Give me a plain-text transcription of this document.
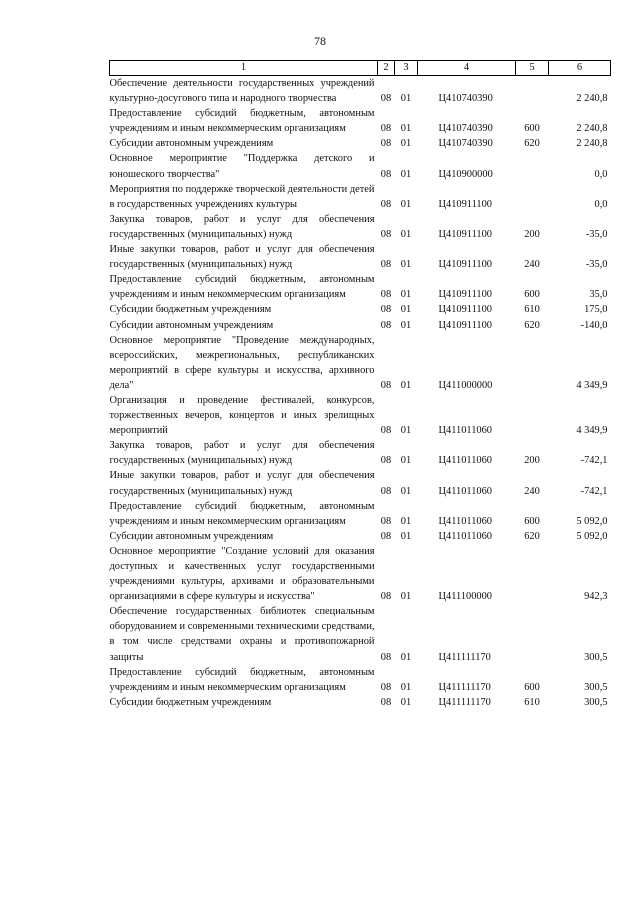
78
1	2	3	4	5	6
Обеспечение деятельности государственных учреждений культурно-досугового типа и народного творчества	08	01	Ц410740390		2 240,8
Предоставление субсидий бюджетным, автономным учреждениям и иным некоммерческим организациям	08	01	Ц410740390	600	2 240,8
Субсидии автономным учреждениям	08	01	Ц410740390	620	2 240,8
Основное мероприятие "Поддержка детского и юношеского творчества"	08	01	Ц410900000		0,0
Мероприятия по поддержке творческой деятельности детей в государственных учреждениях культуры	08	01	Ц410911100		0,0
Закупка товаров, работ и услуг для обеспечения государственных (муниципальных) нужд	08	01	Ц410911100	200	-35,0
Иные закупки товаров, работ и услуг для обеспечения государственных (муниципальных) нужд	08	01	Ц410911100	240	-35,0
Предоставление субсидий бюджетным, автономным учреждениям и иным некоммерческим организациям	08	01	Ц410911100	600	35,0
Субсидии бюджетным учреждениям	08	01	Ц410911100	610	175,0
Субсидии автономным учреждениям	08	01	Ц410911100	620	-140,0
Основное мероприятие "Проведение международных, всероссийских, межрегиональных, республиканских мероприятий в сфере культуры и искусства, архивного дела"	08	01	Ц411000000		4 349,9
Организация и проведение фестивалей, конкурсов, торжественных вечеров, концертов и иных зрелищных мероприятий	08	01	Ц411011060		4 349,9
Закупка товаров, работ и услуг для обеспечения государственных (муниципальных) нужд	08	01	Ц411011060	200	-742,1
Иные закупки товаров, работ и услуг для обеспечения государственных (муниципальных) нужд	08	01	Ц411011060	240	-742,1
Предоставление субсидий бюджетным, автономным учреждениям и иным некоммерческим организациям	08	01	Ц411011060	600	5 092,0
Субсидии автономным учреждениям	08	01	Ц411011060	620	5 092,0
Основное мероприятие "Создание условий для оказания доступных и качественных услуг государственными учреждениями культуры, архивами и образовательными организациями в сфере культуры и искусства"	08	01	Ц411100000		942,3
Обеспечение государственных библиотек специальным оборудованием и современными техническими средствами, в том числе средствами охраны и противопожарной защиты	08	01	Ц411111170		300,5
Предоставление субсидий бюджетным, автономным учреждениям и иным некоммерческим организациям	08	01	Ц411111170	600	300,5
Субсидии бюджетным учреждениям	08	01	Ц411111170	610	300,5
